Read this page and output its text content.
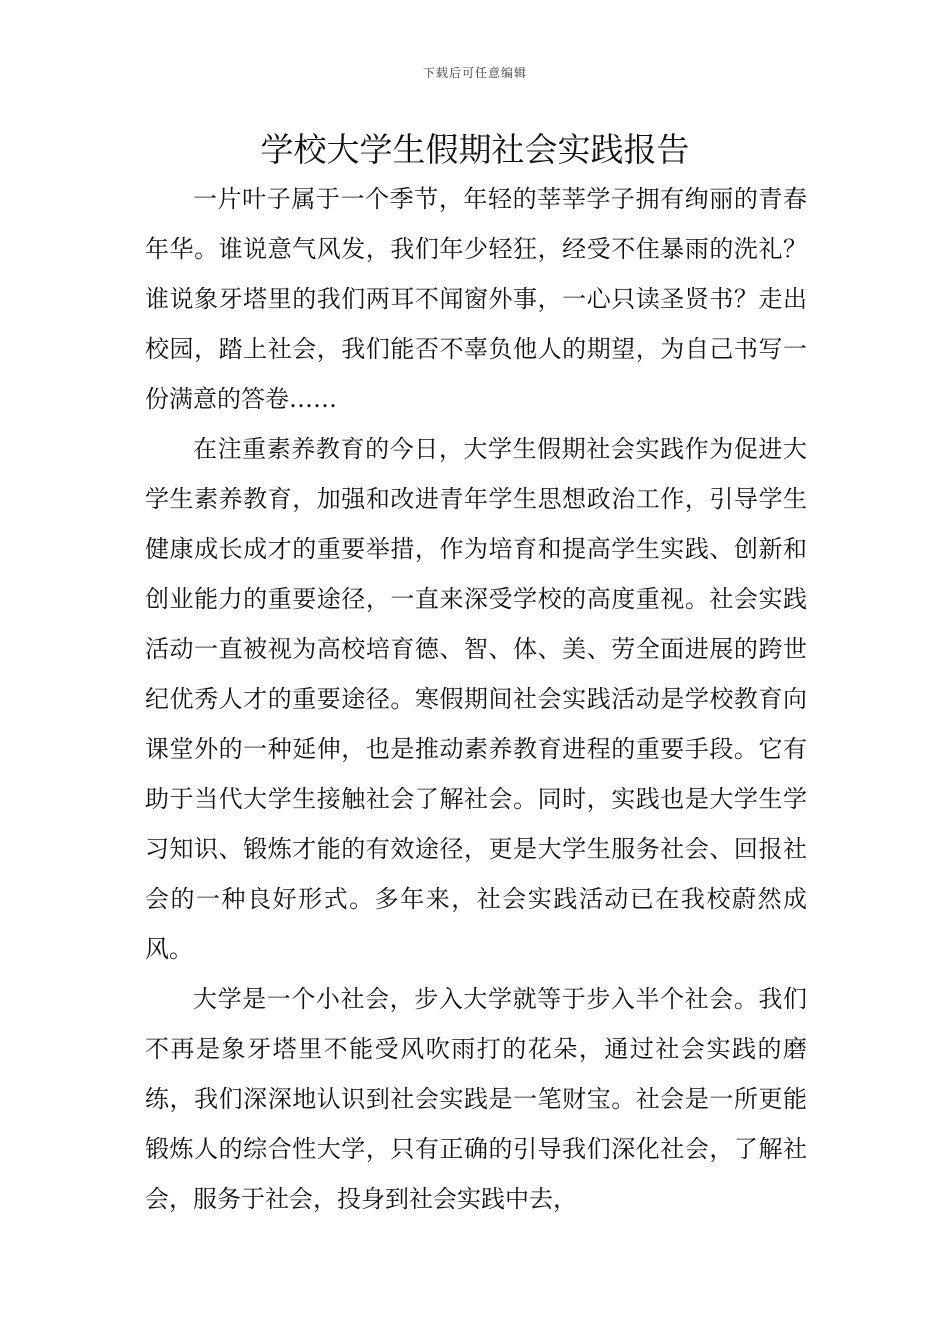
下载后可任意编辑
学校大学生假期社会实践报告

一片叶子属于一个季节，年轻的莘莘学子拥有绚丽的青春年华。谁说意气风发，我们年少轻狂，经受不住暴雨的洗礼？谁说象牙塔里的我们两耳不闻窗外事，一心只读圣贤书？走出校园，踏上社会，我们能否不辜负他人的期望，为自己书写一份满意的答卷……

在注重素养教育的今日，大学生假期社会实践作为促进大学生素养教育，加强和改进青年学生思想政治工作，引导学生健康成长成才的重要举措，作为培育和提高学生实践、创新和创业能力的重要途径，一直来深受学校的高度重视。社会实践活动一直被视为高校培育德、智、体、美、劳全面进展的跨世纪优秀人才的重要途径。寒假期间社会实践活动是学校教育向课堂外的一种延伸，也是推动素养教育进程的重要手段。它有助于当代大学生接触社会了解社会。同时，实践也是大学生学习知识、锻炼才能的有效途径，更是大学生服务社会、回报社会的一种良好形式。多年来，社会实践活动已在我校蔚然成风。

大学是一个小社会，步入大学就等于步入半个社会。我们不再是象牙塔里不能受风吹雨打的花朵，通过社会实践的磨练，我们深深地认识到社会实践是一笔财宝。社会是一所更能锻炼人的综合性大学，只有正确的引导我们深化社会，了解社会，服务于社会，投身到社会实践中去，
